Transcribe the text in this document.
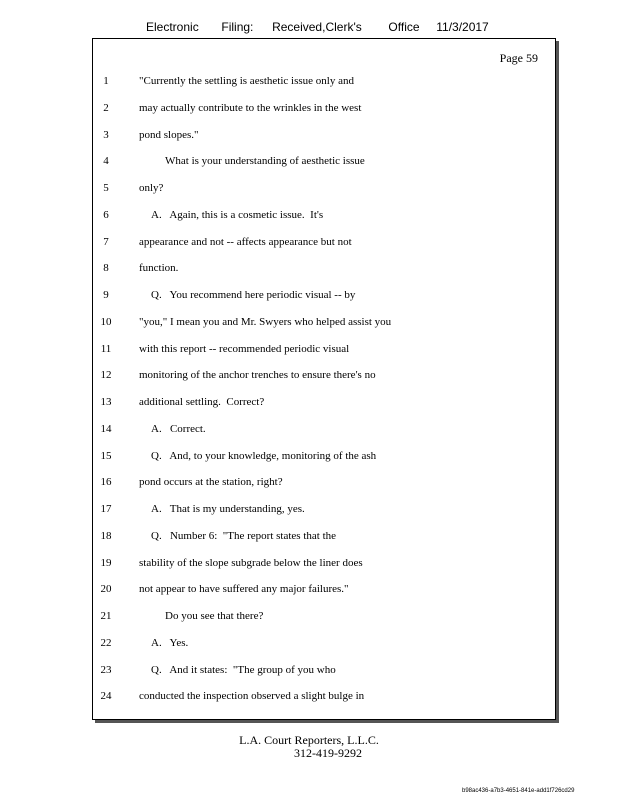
Electronic Filing: Received,Clerk's Office 11/3/2017
Page 59
1	"Currently the settling is aesthetic issue only and
2	may actually contribute to the wrinkles in the west
3	pond slopes."
4	What is your understanding of aesthetic issue
5	only?
6	A.   Again, this is a cosmetic issue.  It's
7	appearance and not -- affects appearance but not
8	function.
9	Q.   You recommend here periodic visual -- by
10	"you," I mean you and Mr. Swyers who helped assist you
11	with this report -- recommended periodic visual
12	monitoring of the anchor trenches to ensure there's no
13	additional settling.  Correct?
14	A.   Correct.
15	Q.   And, to your knowledge, monitoring of the ash
16	pond occurs at the station, right?
17	A.   That is my understanding, yes.
18	Q.   Number 6:  "The report states that the
19	stability of the slope subgrade below the liner does
20	not appear to have suffered any major failures."
21	Do you see that there?
22	A.   Yes.
23	Q.   And it states:  "The group of you who
24	conducted the inspection observed a slight bulge in
L.A. Court Reporters, L.L.C.
312-419-9292
b98ac436-a7b3-4651-841e-add1f726cd29
